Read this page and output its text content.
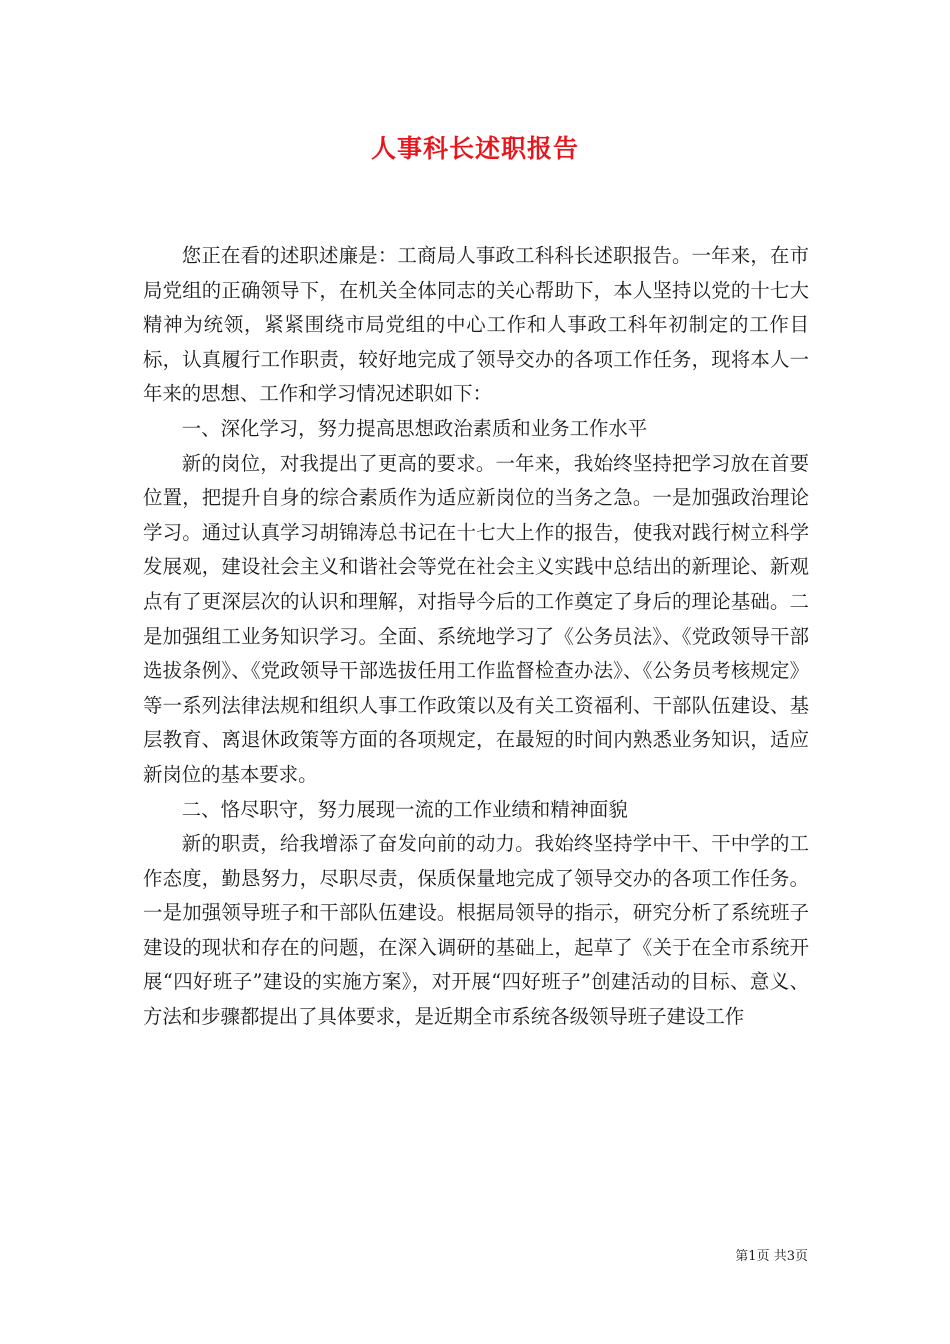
人事科长述职报告

您正在看的述职述廉是：工商局人事政工科科长述职报告。一年来，在市局党组的正确领导下，在机关全体同志的关心帮助下，本人坚持以党的十七大精神为统领，紧紧围绕市局党组的中心工作和人事政工科年初制定的工作目标，认真履行工作职责，较好地完成了领导交办的各项工作任务，现将本人一年来的思想、工作和学习情况述职如下：

一、深化学习，努力提高思想政治素质和业务工作水平

新的岗位，对我提出了更高的要求。一年来，我始终坚持把学习放在首要位置，把提升自身的综合素质作为适应新岗位的当务之急。一是加强政治理论学习。通过认真学习胡锦涛总书记在十七大上作的报告，使我对践行树立科学发展观，建设社会主义和谐社会等党在社会主义实践中总结出的新理论、新观点有了更深层次的认识和理解，对指导今后的工作奠定了身后的理论基础。二是加强组工业务知识学习。全面、系统地学习了《公务员法》、《党政领导干部选拔条例》、《党政领导干部选拔任用工作监督检查办法》、《公务员考核规定》等一系列法律法规和组织人事工作政策以及有关工资福利、干部队伍建设、基层教育、离退休政策等方面的各项规定，在最短的时间内熟悉业务知识，适应新岗位的基本要求。

二、恪尽职守，努力展现一流的工作业绩和精神面貌

新的职责，给我增添了奋发向前的动力。我始终坚持学中干、干中学的工作态度，勤恳努力，尽职尽责，保质保量地完成了领导交办的各项工作任务。一是加强领导班子和干部队伍建设。根据局领导的指示，研究分析了系统班子建设的现状和存在的问题，在深入调研的基础上，起草了《关于在全市系统开展“四好班子”建设的实施方案》，对开展“四好班子”创建活动的目标、意义、方法和步骤都提出了具体要求，是近期全市系统各级领导班子建设工作

第1页 共3页
